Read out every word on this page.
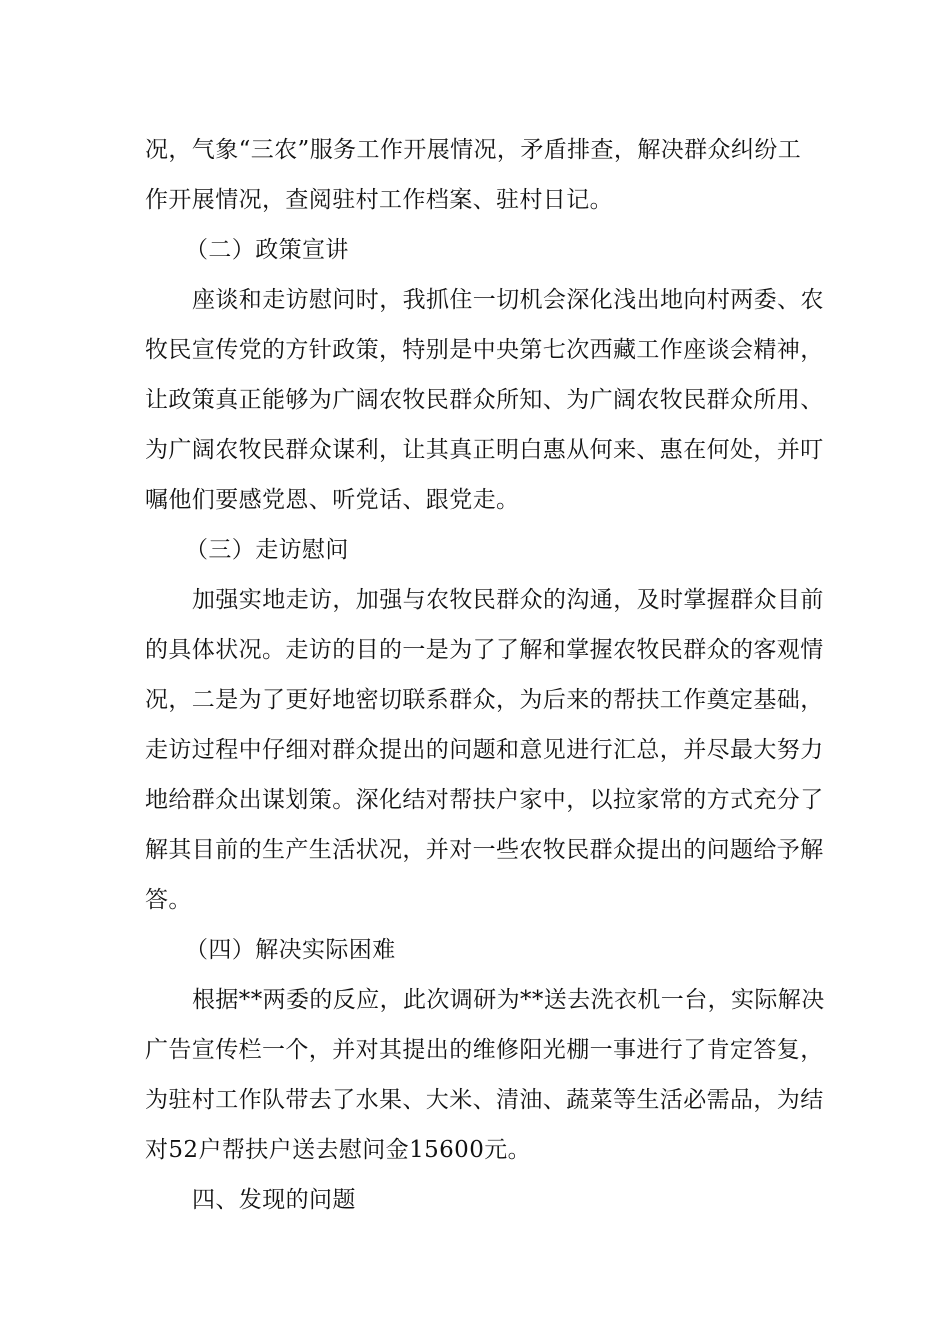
况，气象“三农”服务工作开展情况，矛盾排查，解决群众纠纷工
作开展情况，查阅驻村工作档案、驻村日记。
（二）政策宣讲
座谈和走访慰问时，我抓住一切机会深化浅出地向村两委、农
牧民宣传党的方针政策，特别是中央第七次西藏工作座谈会精神，
让政策真正能够为广阔农牧民群众所知、为广阔农牧民群众所用、
为广阔农牧民群众谋利，让其真正明白惠从何来、惠在何处，并叮
嘱他们要感党恩、听党话、跟党走。
（三）走访慰问
加强实地走访，加强与农牧民群众的沟通，及时掌握群众目前
的具体状况。走访的目的一是为了了解和掌握农牧民群众的客观情
况，二是为了更好地密切联系群众，为后来的帮扶工作奠定基础，
走访过程中仔细对群众提出的问题和意见进行汇总，并尽最大努力
地给群众出谋划策。深化结对帮扶户家中，以拉家常的方式充分了
解其目前的生产生活状况，并对一些农牧民群众提出的问题给予解
答。
（四）解决实际困难
根据**两委的反应，此次调研为**送去洗衣机一台，实际解决
广告宣传栏一个，并对其提出的维修阳光棚一事进行了肯定答复，
为驻村工作队带去了水果、大米、清油、蔬菜等生活必需品，为结
对52户帮扶户送去慰问金15600元。
四、发现的问题
